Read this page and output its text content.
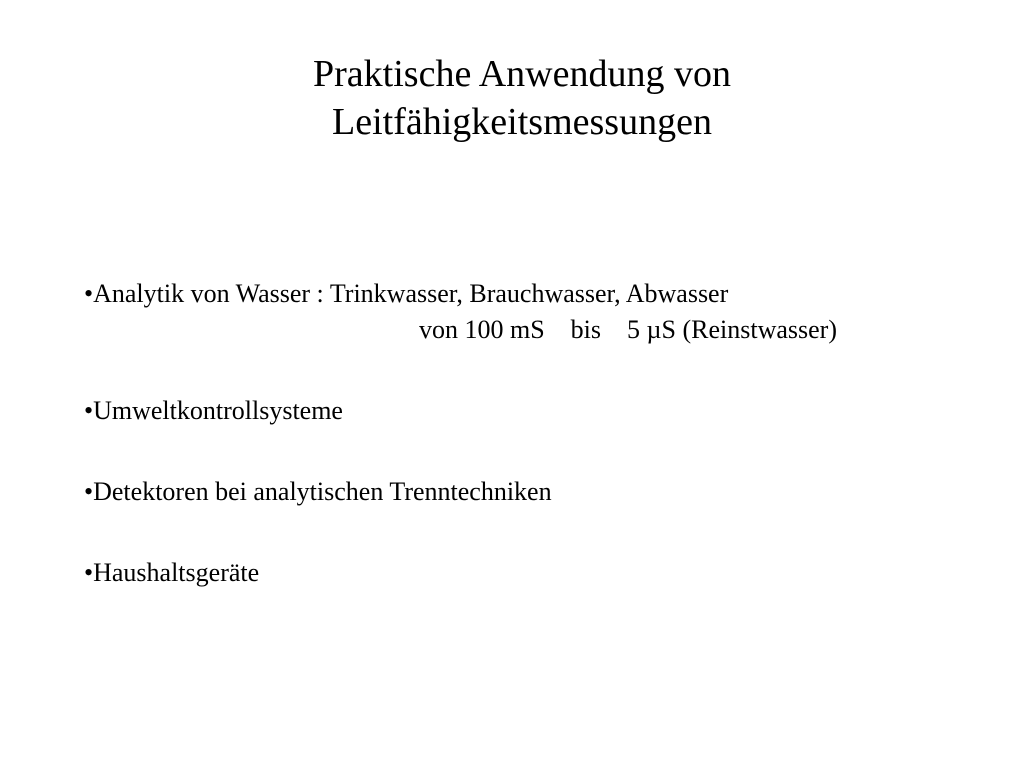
Praktische Anwendung von
Leitfähigkeitsmessungen
•Analytik von Wasser : Trinkwasser, Brauchwasser, Abwasser
von 100 mS    bis    5 µS (Reinstwasser)
•Umweltkontrollsysteme
•Detektoren bei analytischen Trenntechniken
•Haushaltsgeräte
